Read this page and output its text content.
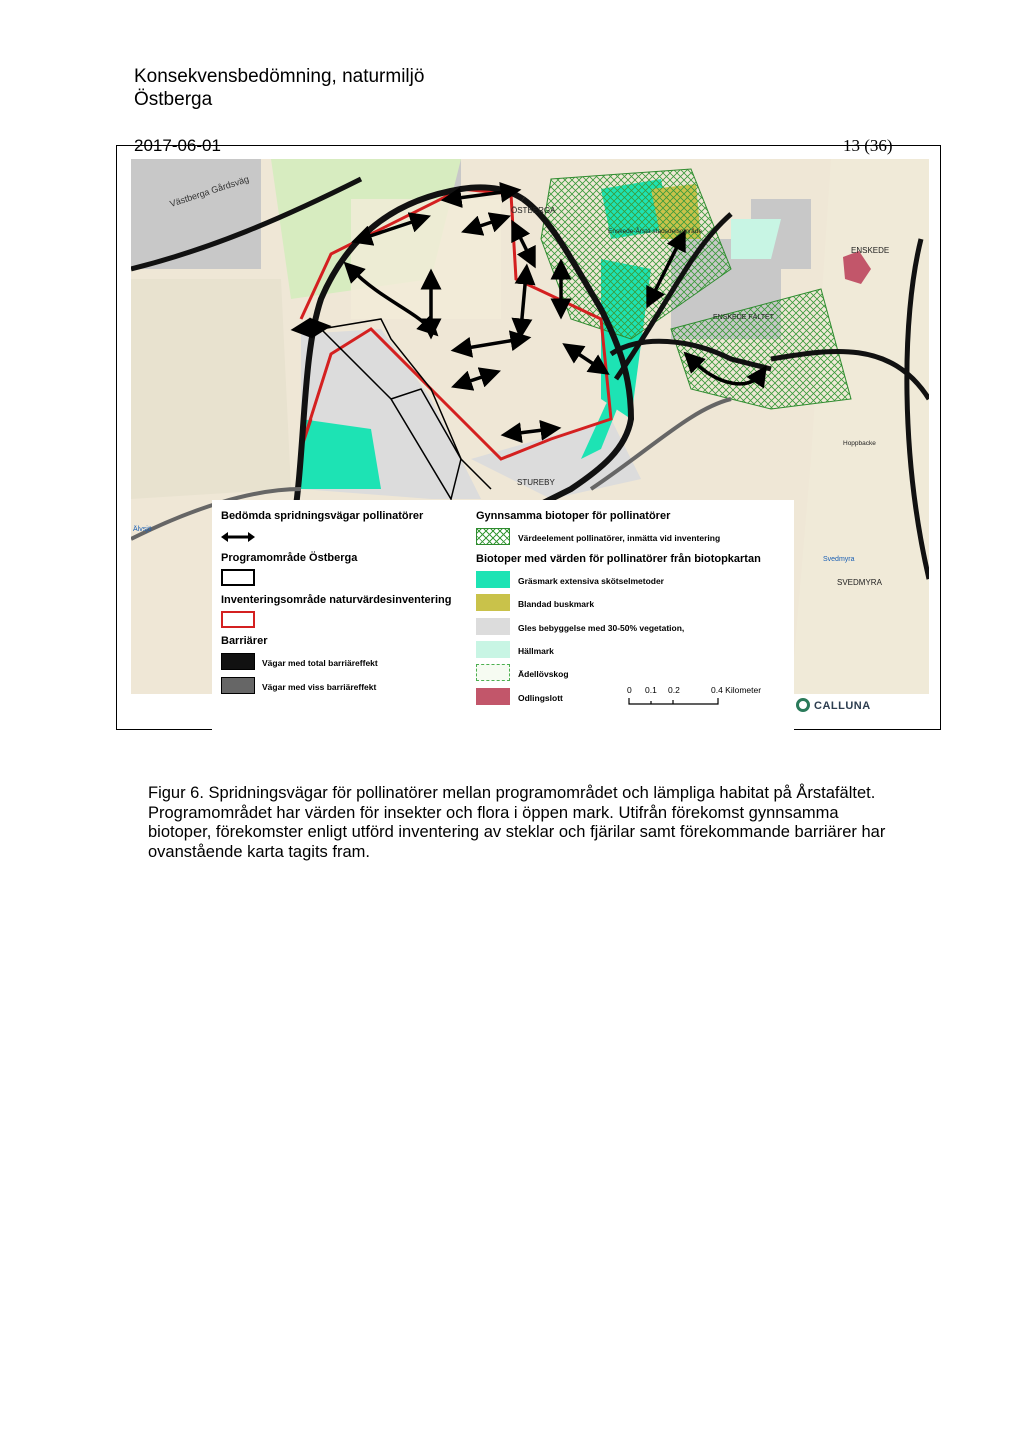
Konsekvensbedömning, naturmiljö
Östberga
2017-06-01	13 (36)
Västberga Gårdsväg
ÖSTBERGA
Enskede-Årsta stadsdelsområde
ENSKEDE
ENSKEDE FÄLTET
STUREBY
SVEDMYRA
Älvsjö
Svedmyra
Hoppbacke
Bedömda spridningsvägar pollinatörer
Programområde Östberga
Inventeringsområde naturvärdesinventering
Barriärer
Vägar med total barriäreffekt
Vägar med viss barriäreffekt
Gynnsamma biotoper för pollinatörer
Värdeelement pollinatörer, inmätta vid inventering
Biotoper med värden för pollinatörer från biotopkartan
Gräsmark extensiva skötselmetoder
Blandad buskmark
Gles bebyggelse med 30-50% vegetation,
Hällmark
Ädellövskog
Odlingslott
0 0.1 0.2	0.4 Kilometer
CALLUNA
Figur 6. Spridningsvägar för pollinatörer mellan programområdet och lämpliga habitat på Årstafältet. Programområdet har värden för insekter och flora i öppen mark. Utifrån förekomst gynnsamma biotoper, förekomster enligt utförd inventering av steklar och fjärilar samt förekommande barriärer har ovanstående karta tagits fram.
